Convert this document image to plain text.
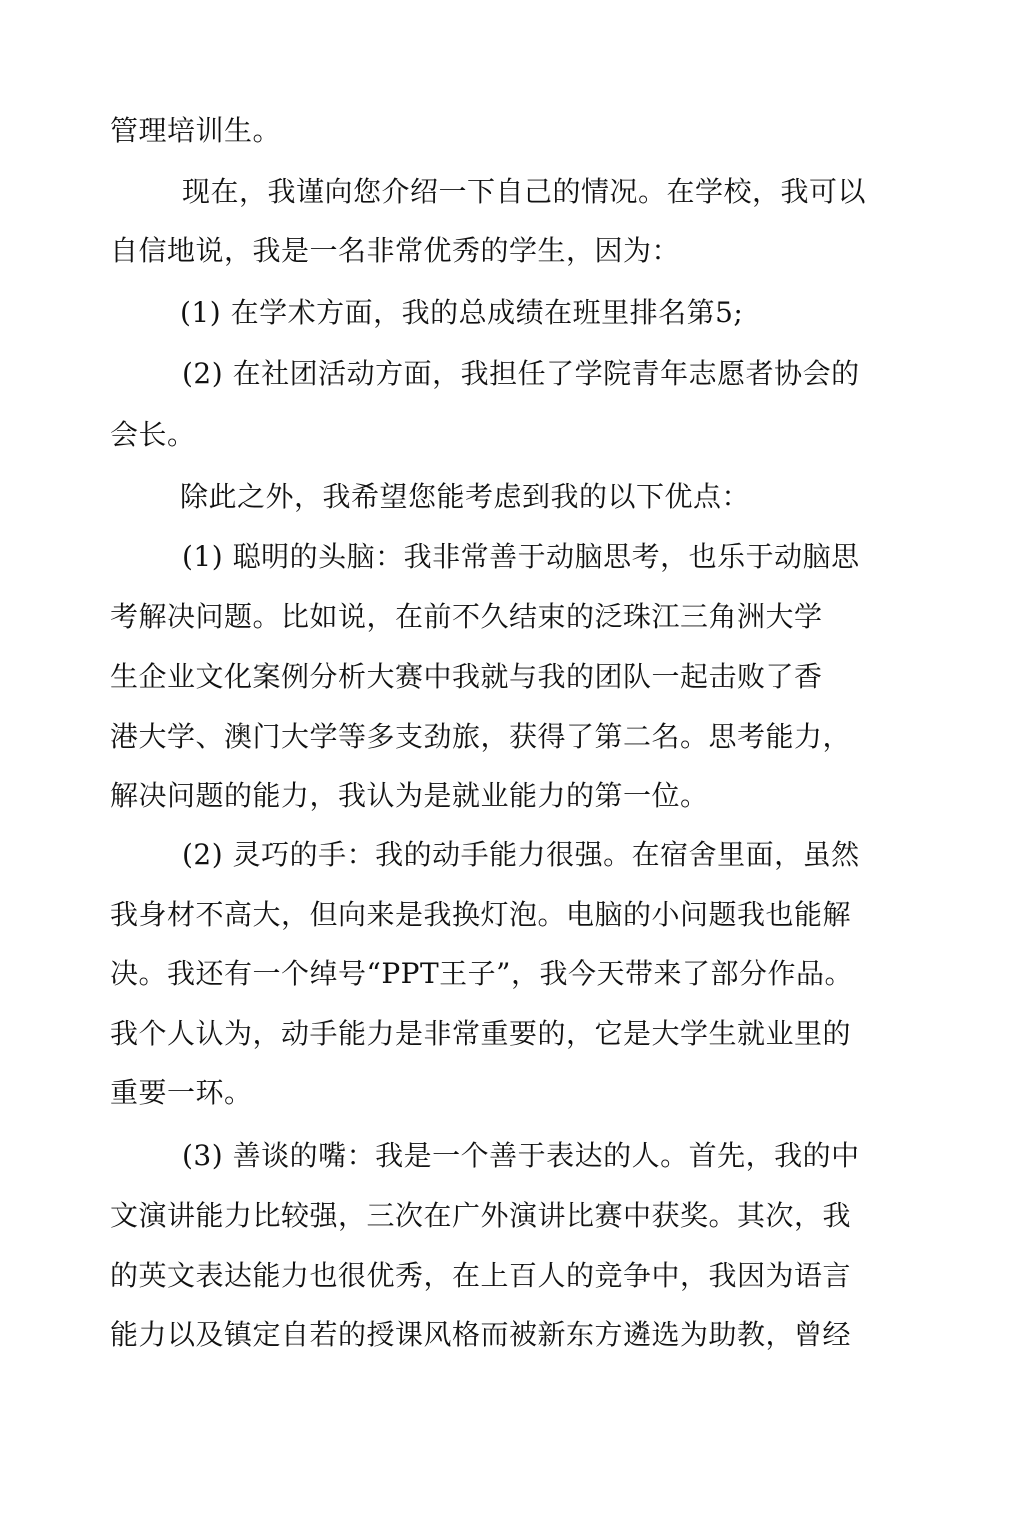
管理培训生。
现在，我谨向您介绍一下自己的情况。在学校，我可以
自信地说，我是一名非常优秀的学生，因为：
(1) 在学术方面，我的总成绩在班里排名第5;
(2) 在社团活动方面，我担任了学院青年志愿者协会的
会长。
除此之外，我希望您能考虑到我的以下优点：
(1) 聪明的头脑：我非常善于动脑思考，也乐于动脑思
考解决问题。比如说，在前不久结束的泛珠江三角洲大学
生企业文化案例分析大赛中我就与我的团队一起击败了香
港大学、澳门大学等多支劲旅，获得了第二名。思考能力，
解决问题的能力，我认为是就业能力的第一位。
(2) 灵巧的手：我的动手能力很强。在宿舍里面，虽然
我身材不高大，但向来是我换灯泡。电脑的小问题我也能解
决。我还有一个绰号“PPT王子”，我今天带来了部分作品。
我个人认为，动手能力是非常重要的，它是大学生就业里的
重要一环。
(3) 善谈的嘴：我是一个善于表达的人。首先，我的中
文演讲能力比较强，三次在广外演讲比赛中获奖。其次，我
的英文表达能力也很优秀，在上百人的竞争中，我因为语言
能力以及镇定自若的授课风格而被新东方遴选为助教，曾经
